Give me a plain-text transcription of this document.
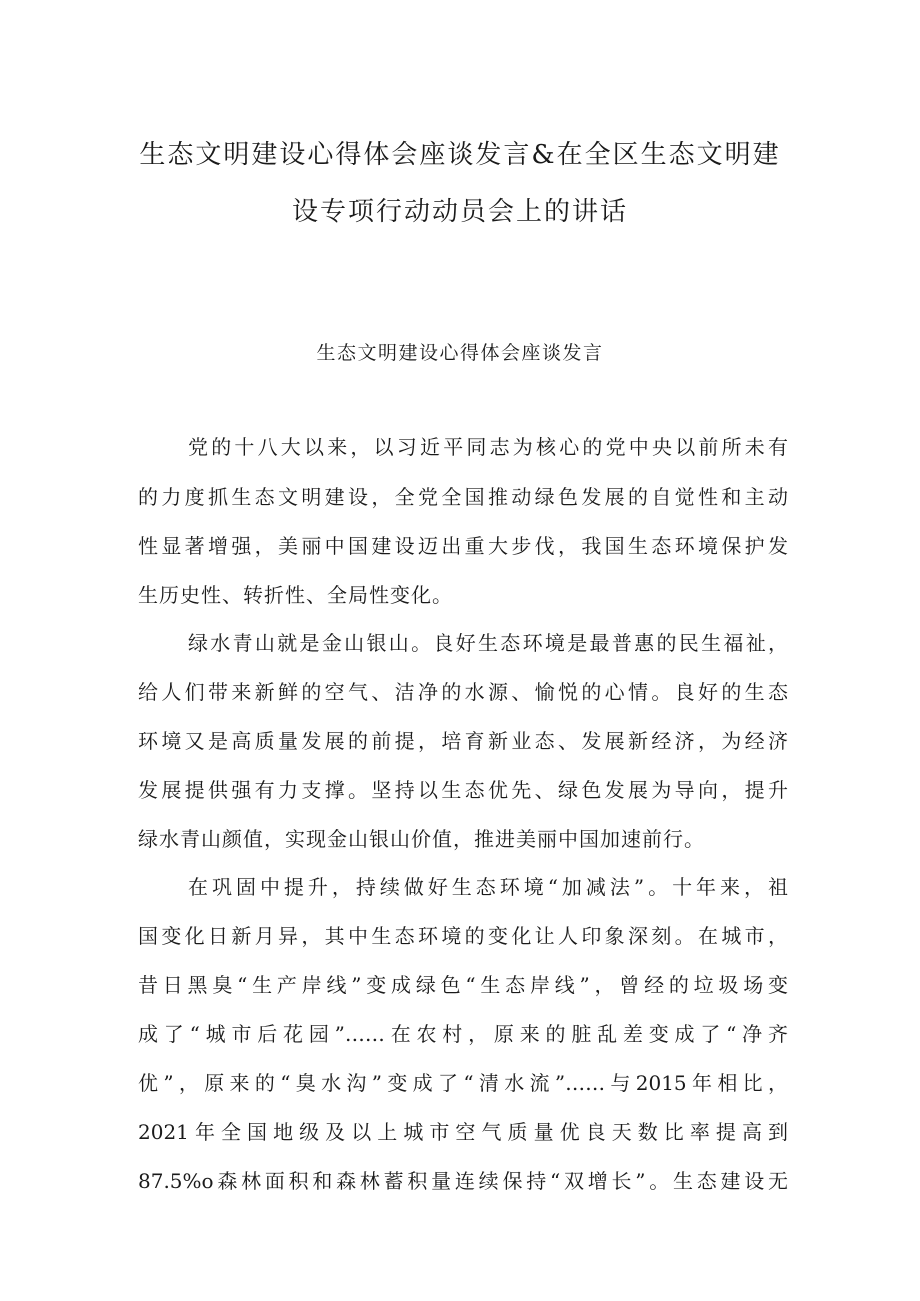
生态文明建设心得体会座谈发言&在全区生态文明建
设专项行动动员会上的讲话
生态文明建设心得体会座谈发言
党的十八大以来，以习近平同志为核心的党中央以前所未有
的力度抓生态文明建设，全党全国推动绿色发展的自觉性和主动
性显著增强，美丽中国建设迈出重大步伐，我国生态环境保护发
生历史性、转折性、全局性变化。
绿水青山就是金山银山。良好生态环境是最普惠的民生福祉，
给人们带来新鲜的空气、洁净的水源、愉悦的心情。良好的生态
环境又是高质量发展的前提，培育新业态、发展新经济，为经济
发展提供强有力支撑。坚持以生态优先、绿色发展为导向，提升
绿水青山颜值，实现金山银山价值，推进美丽中国加速前行。
在巩固中提升，持续做好生态环境“加减法”。十年来，祖
国变化日新月异，其中生态环境的变化让人印象深刻。在城市，
昔日黑臭“生产岸线”变成绿色“生态岸线”，曾经的垃圾场变
成了“城市后花园”……在农村，原来的脏乱差变成了“净齐
优”，原来的“臭水沟”变成了“清水流”……与2015年相比，
2021年全国地级及以上城市空气质量优良天数比率提高到
87.5%o森林面积和森林蓄积量连续保持“双增长”。生态建设无
